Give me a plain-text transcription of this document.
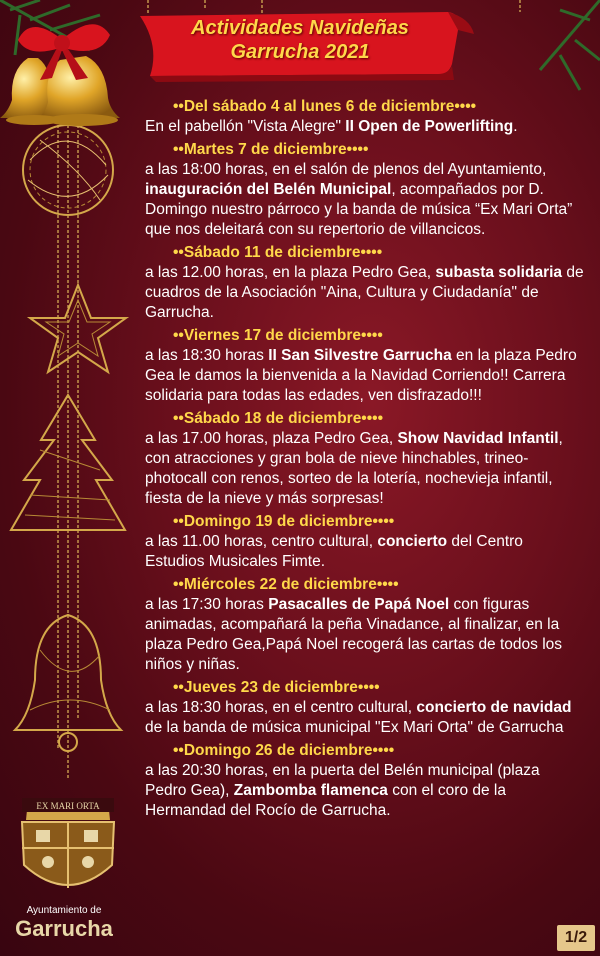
Actividades Navideñas
Garrucha 2021
••Del sábado 4 al lunes 6 de diciembre••••
En el pabellón "Vista Alegre" II Open de Powerlifting.
••Martes 7 de diciembre••••
a las 18:00 horas, en el salón de plenos del Ayuntamiento, inauguración del Belén Municipal, acompañados por D. Domingo nuestro párroco y la banda de música “Ex Mari Orta” que nos deleitará con su repertorio de villancicos.
••Sábado 11 de diciembre••••
a las 12.00 horas, en la plaza Pedro Gea, subasta solidaria de cuadros de la Asociación "Aina, Cultura y Ciudadanía" de Garrucha.
••Viernes 17 de diciembre••••
a las 18:30 horas II San Silvestre Garrucha en la plaza Pedro Gea le damos la bienvenida a la Navidad Corriendo!! Carrera solidaria para todas las edades, ven disfrazado!!!
••Sábado 18 de diciembre••••
a las 17.00 horas, plaza Pedro Gea, Show Navidad Infantil, con atracciones y gran bola de nieve hinchables, trineo-photocall con renos, sorteo de la lotería, nochevieja infantil, fiesta de la nieve y más sorpresas!
••Domingo 19 de diciembre••••
a las 11.00 horas, centro cultural, concierto del Centro Estudios Musicales Fimte.
••Miércoles 22 de diciembre••••
a las 17:30 horas Pasacalles de Papá Noel con figuras animadas, acompañará la peña Vinadance, al finalizar, en la plaza Pedro Gea,Papá Noel recogerá las cartas de todos los niños y niñas.
••Jueves 23 de diciembre••••
a las 18:30 horas, en el centro cultural, concierto de navidad de la banda de música municipal "Ex Mari Orta" de Garrucha
••Domingo 26 de diciembre••••
a las 20:30 horas, en la puerta del Belén municipal (plaza Pedro Gea), Zambomba flamenca con el coro de la Hermandad del Rocío de Garrucha.
Ayuntamiento de
Garrucha
EX MARI ORTA
1/2
